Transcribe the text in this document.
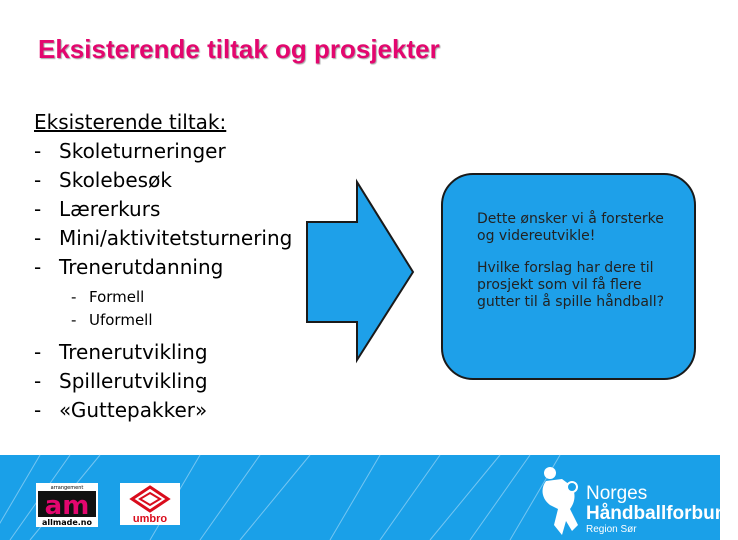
Eksisterende tiltak og prosjekter
Eksisterende tiltak:
- Skoleturneringer
- Skolebesøk
- Lærerkurs
- Mini/aktivitetsturnering
- Trenerutdanning
- Formell
- Uformell
- Trenerutvikling
- Spillerutvikling
- «Guttepakker»

Dette ønsker vi å forsterke og videreutvikle!

Hvilke forslag har dere til prosjekt som vil få flere gutter til å spille håndball?

arrangement
am
allmade.no	umbro
Norges
Håndballforbund
Region Sør
